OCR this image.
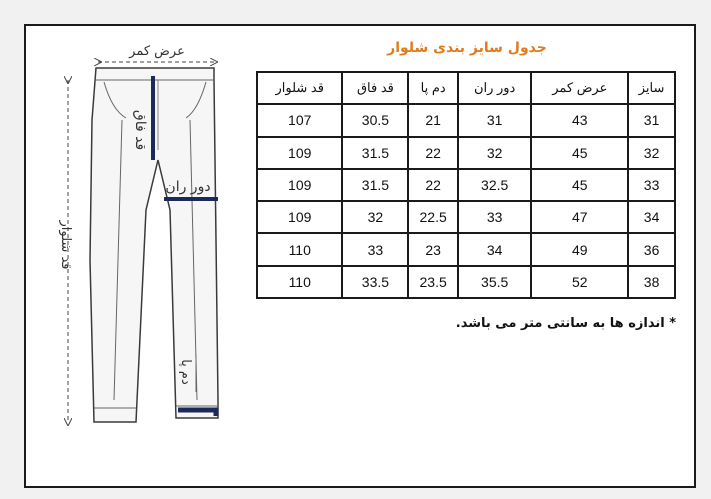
عرض کمر
قد شلوار
قد فاق
دور ران
دم پا
جدول سایز بندی شلوار
سایز	عرض کمر	دور ران	دم پا	قد فاق	قد شلوار
31	43	31	21	30.5	107
32	45	32	22	31.5	109
33	45	32.5	22	31.5	109
34	47	33	22.5	32	109
36	49	34	23	33	110
38	52	35.5	23.5	33.5	110
* اندازه ها به سانتی متر می باشد.
